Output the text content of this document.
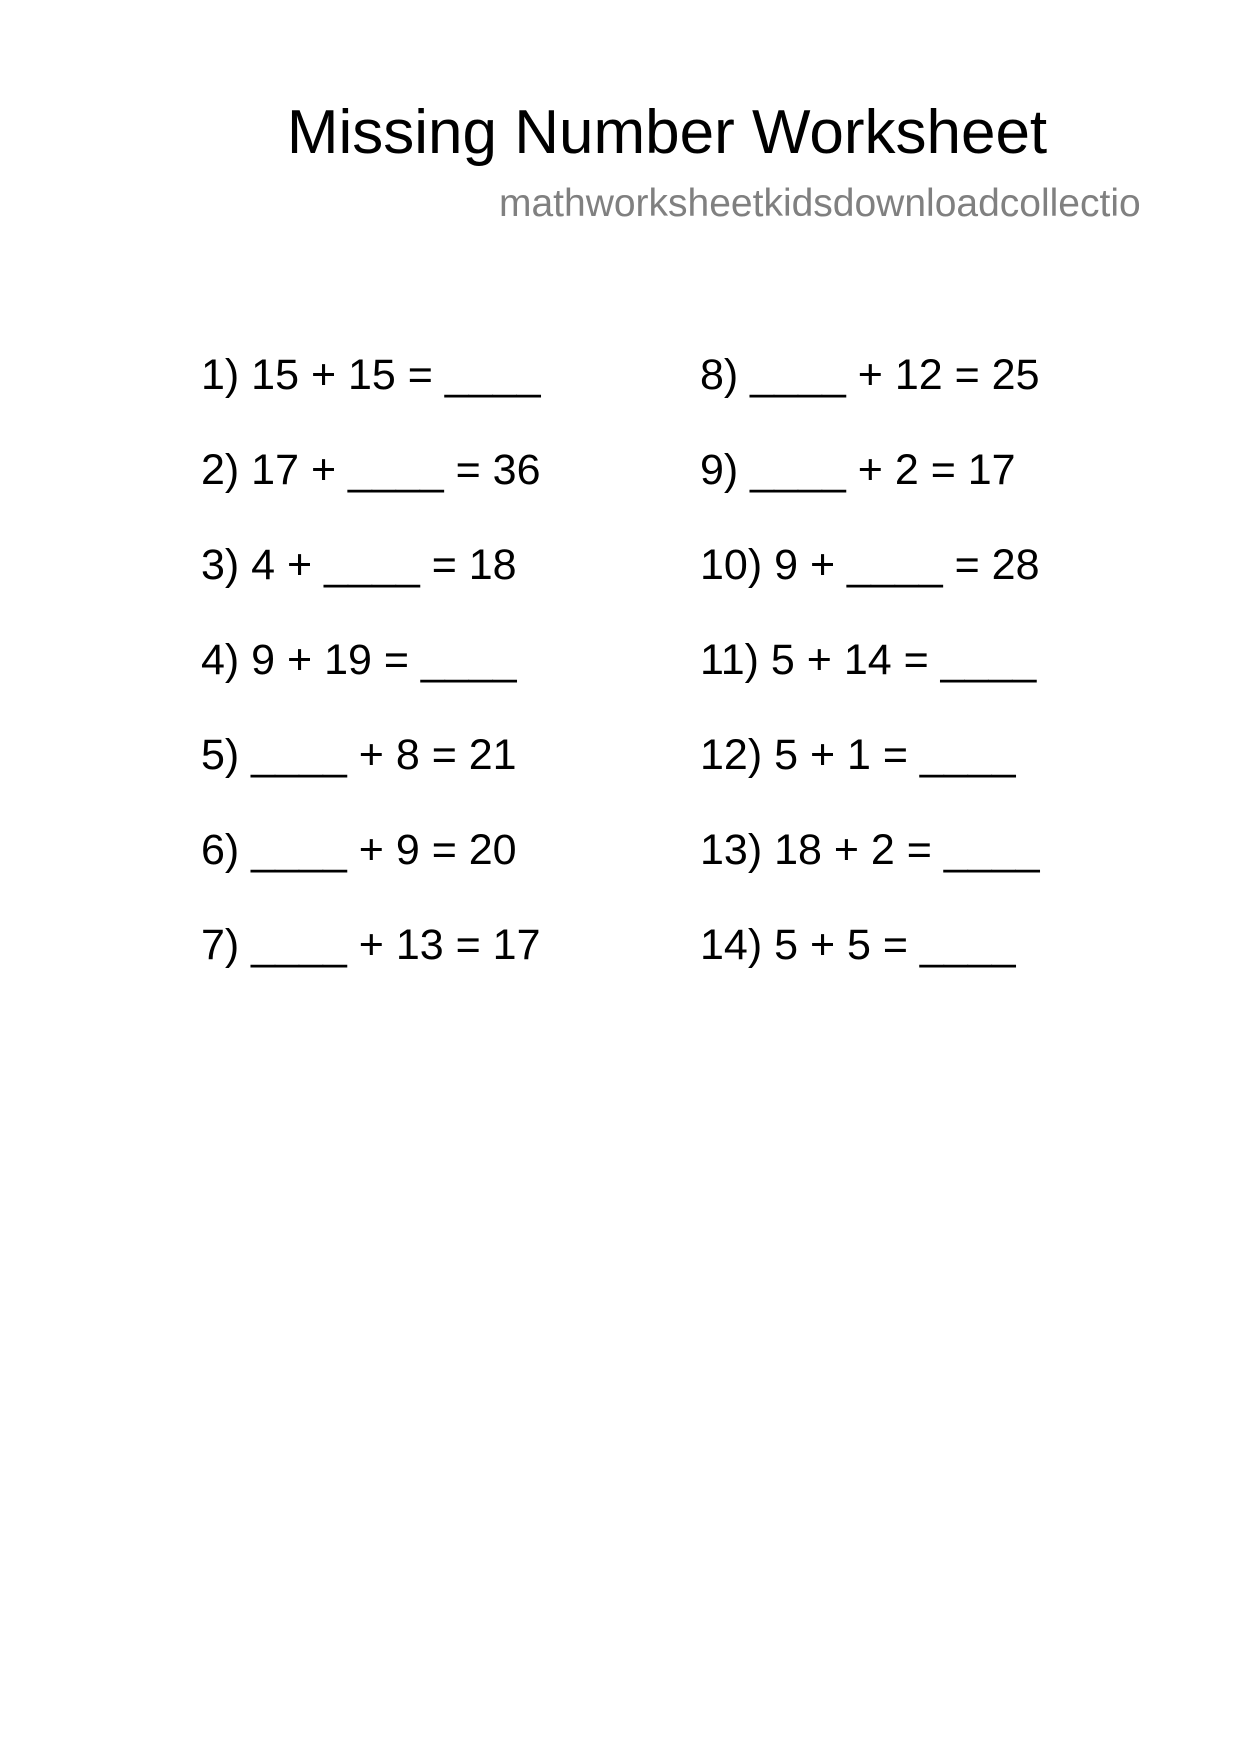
Missing Number Worksheet
mathworksheetkidsdownloadcollectio
1) 15 + 15 = ____
2) 17 + ____ = 36
3) 4 + ____ = 18
4) 9 + 19 = ____
5) ____ + 8 = 21
6) ____ + 9 = 20
7) ____ + 13 = 17
8) ____ + 12 = 25
9) ____ + 2 = 17
10) 9 + ____ = 28
11) 5 + 14 = ____
12) 5 + 1 = ____
13) 18 + 2 = ____
14) 5 + 5 = ____
